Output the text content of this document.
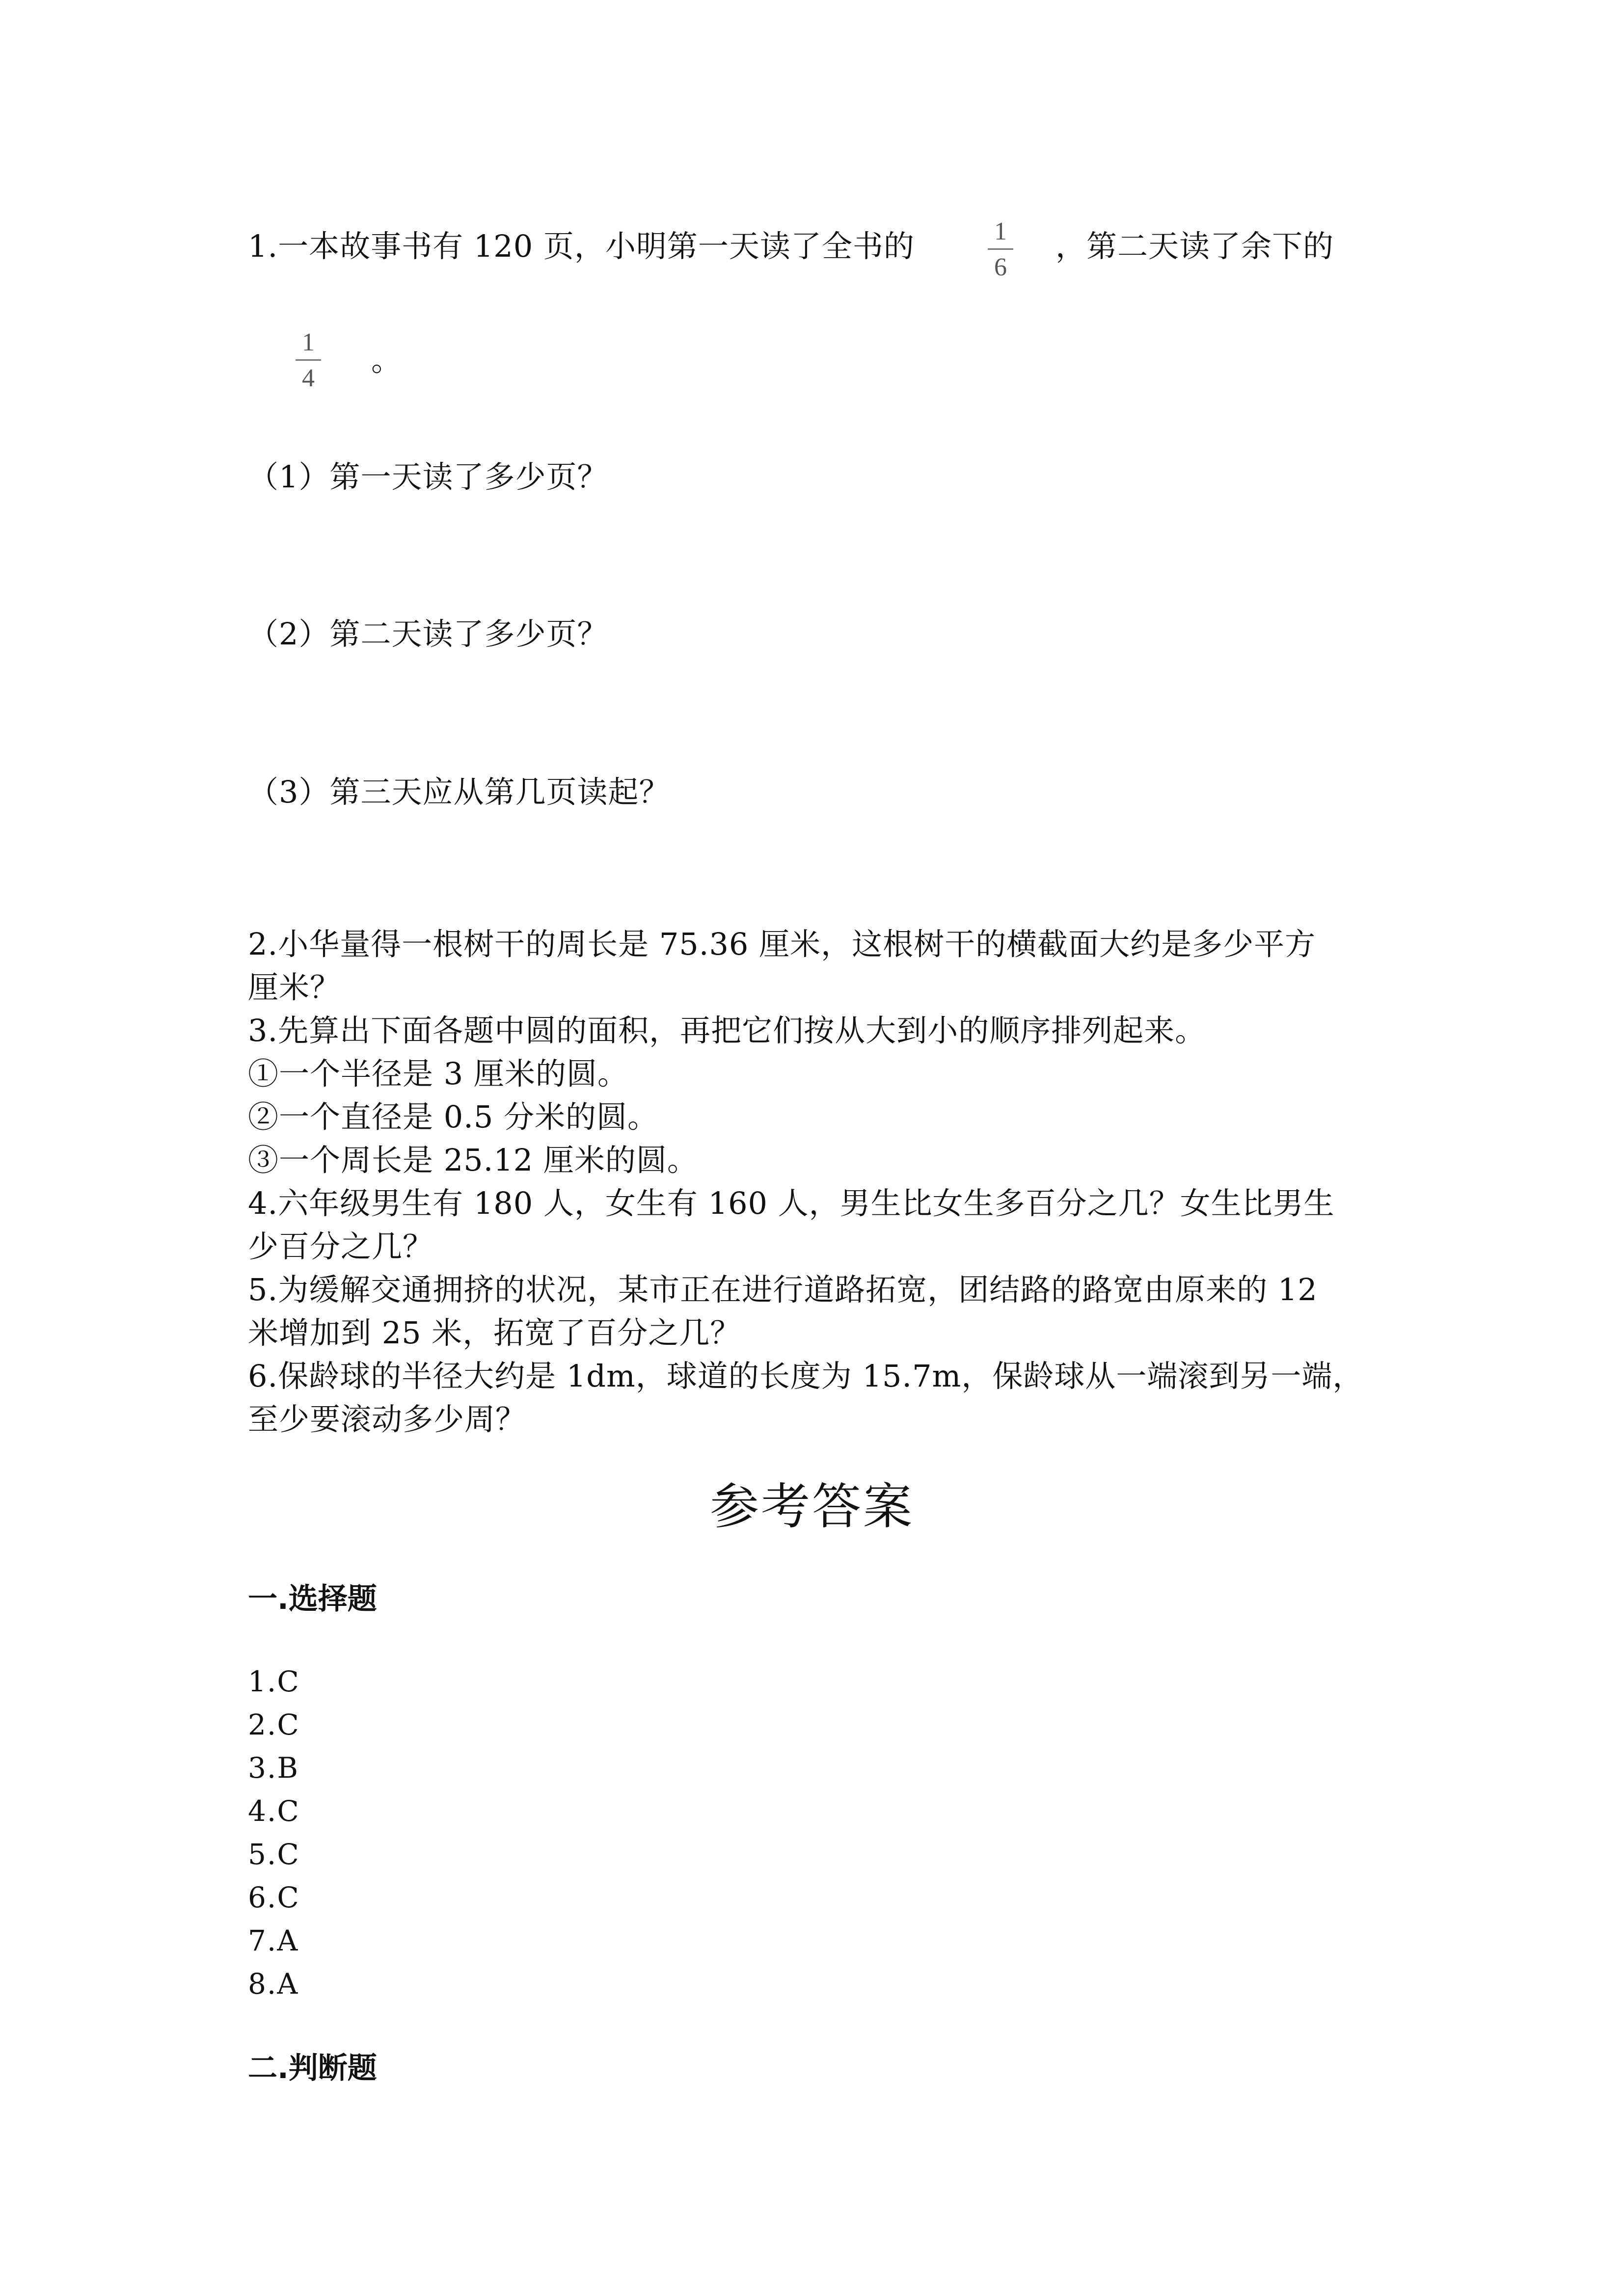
1.一本故事书有 120 页，小明第一天读了全书的	1
6
，第二天读了余下的
1
4
。
（1）第一天读了多少页？
（2）第二天读了多少页？
（3）第三天应从第几页读起？
2.小华量得一根树干的周长是 75.36 厘米，这根树干的横截面大约是多少平方
厘米？
3.先算出下面各题中圆的面积，再把它们按从大到小的顺序排列起来。
①一个半径是 3 厘米的圆。
②一个直径是 0.5 分米的圆。
③一个周长是 25.12 厘米的圆。
4.六年级男生有 180 人，女生有 160 人，男生比女生多百分之几？女生比男生
少百分之几？
5.为缓解交通拥挤的状况，某市正在进行道路拓宽，团结路的路宽由原来的 12
米增加到 25 米，拓宽了百分之几？
6.保龄球的半径大约是 1dm，球道的长度为 15.7m，保龄球从一端滚到另一端，
至少要滚动多少周？
参考答案
一.选择题
1.C
2.C
3.B
4.C
5.C
6.C
7.A
8.A
二.判断题
